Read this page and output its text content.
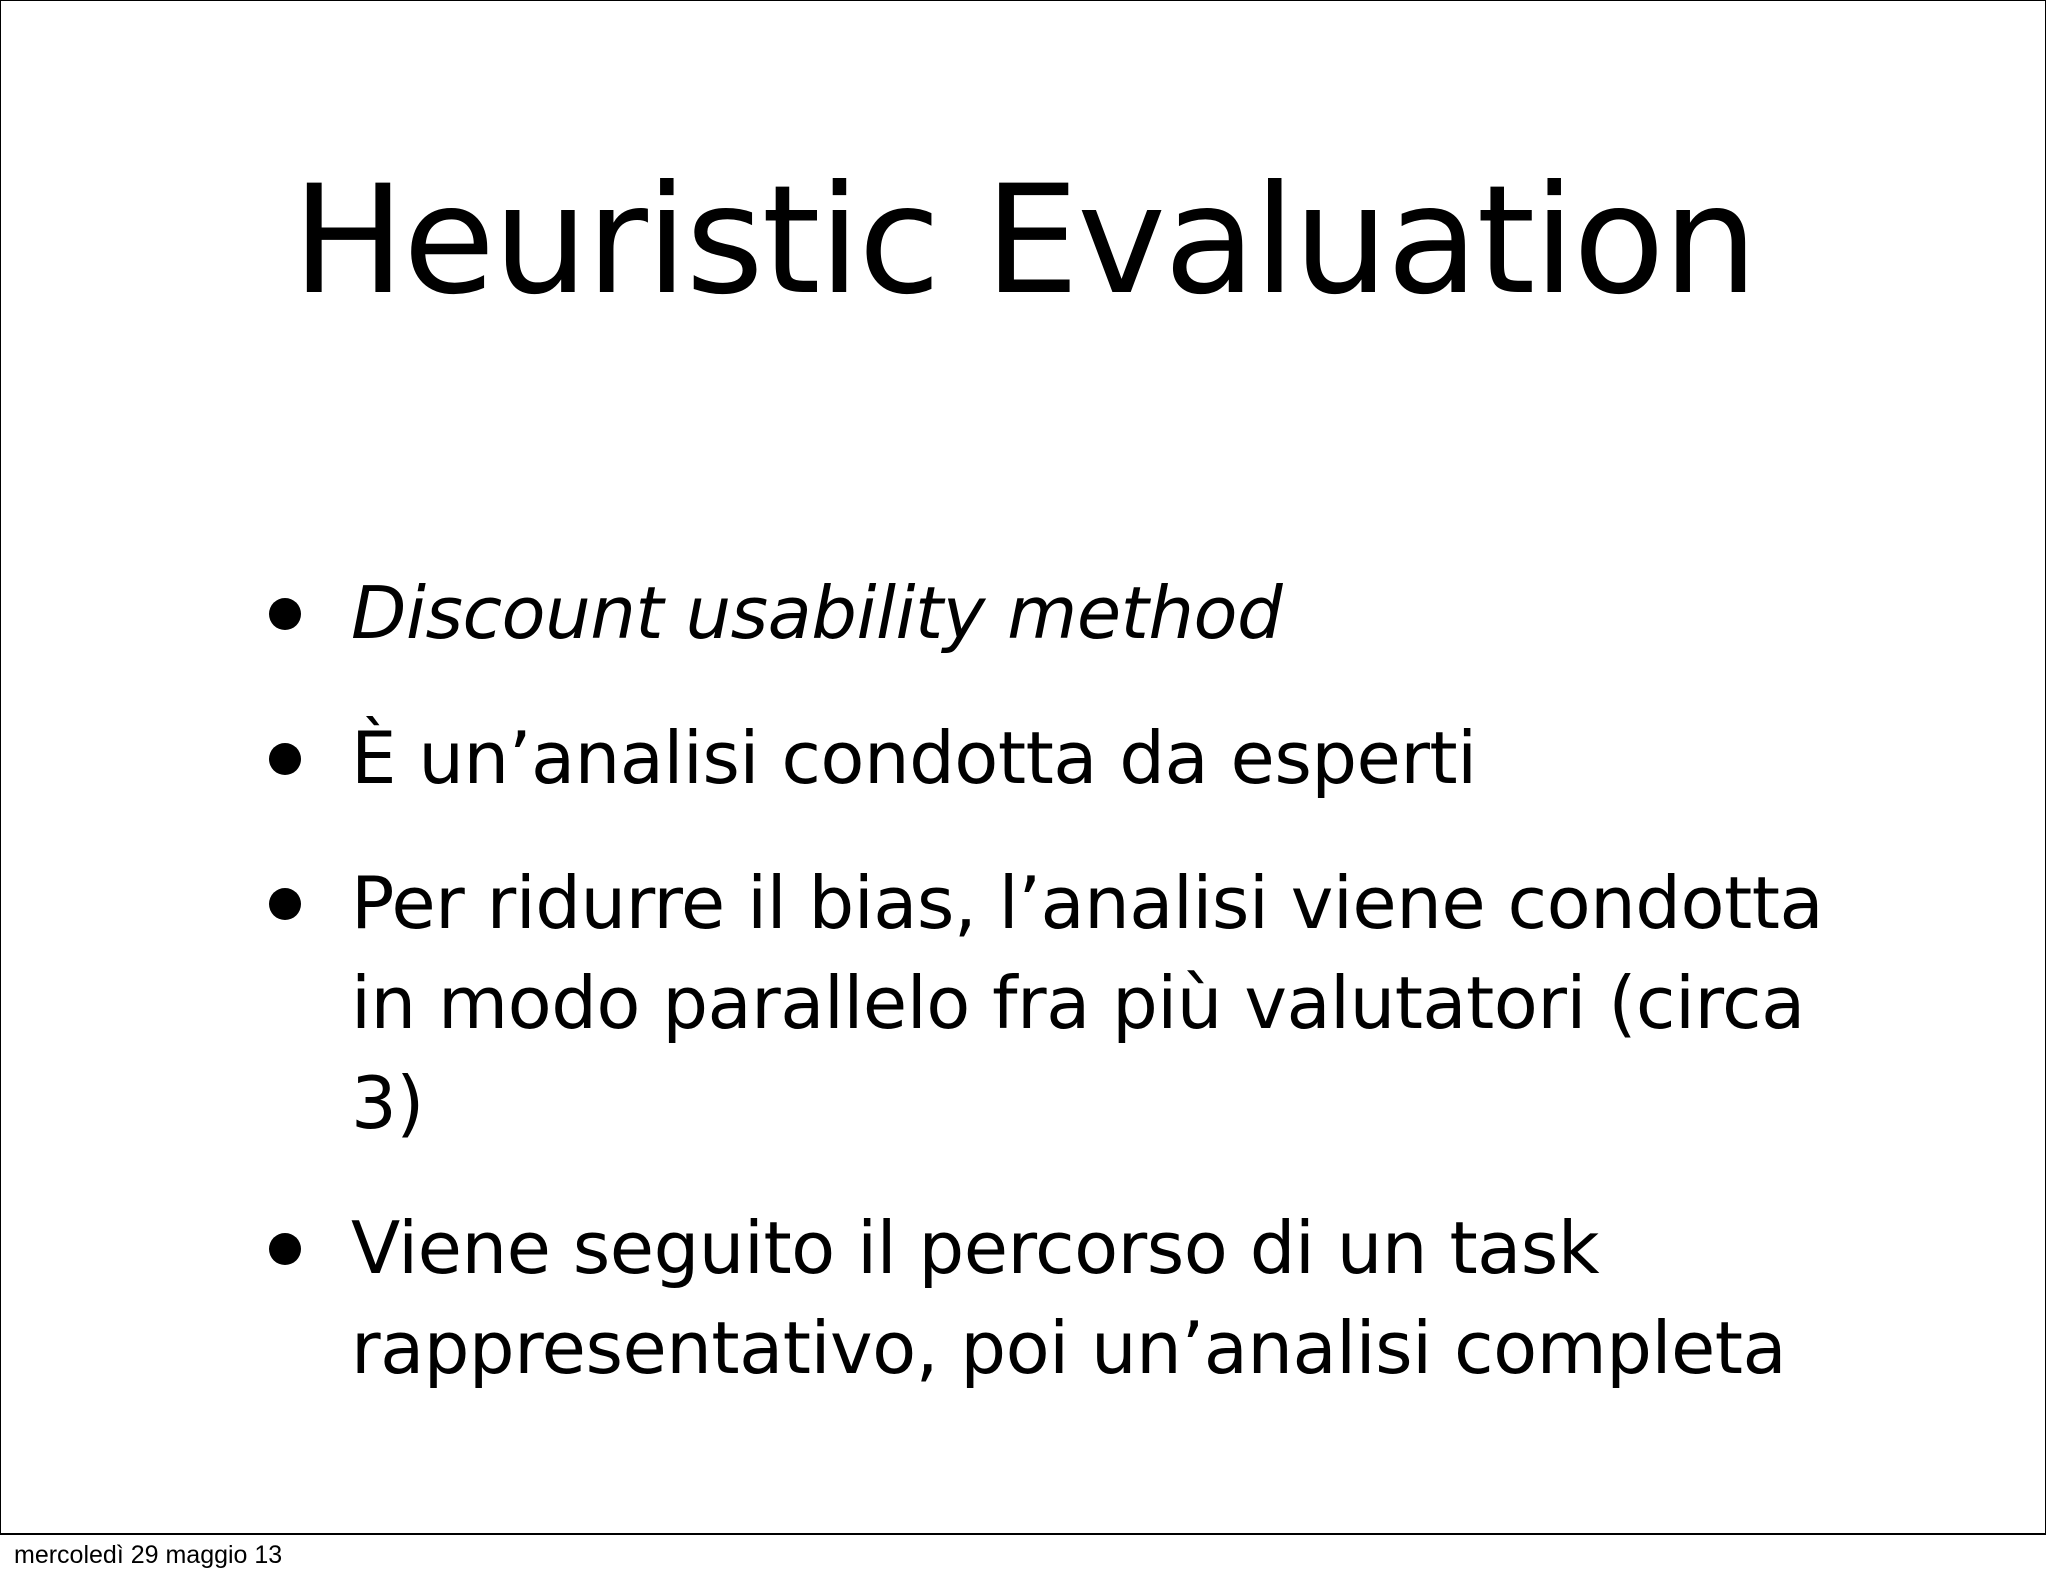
Heuristic Evaluation
Discount usability method
È un’analisi condotta da esperti
Per ridurre il bias, l’analisi viene condotta in modo parallelo fra più valutatori (circa 3)
Viene seguito il percorso di un task rappresentativo, poi un’analisi completa
mercoledì 29 maggio 13
